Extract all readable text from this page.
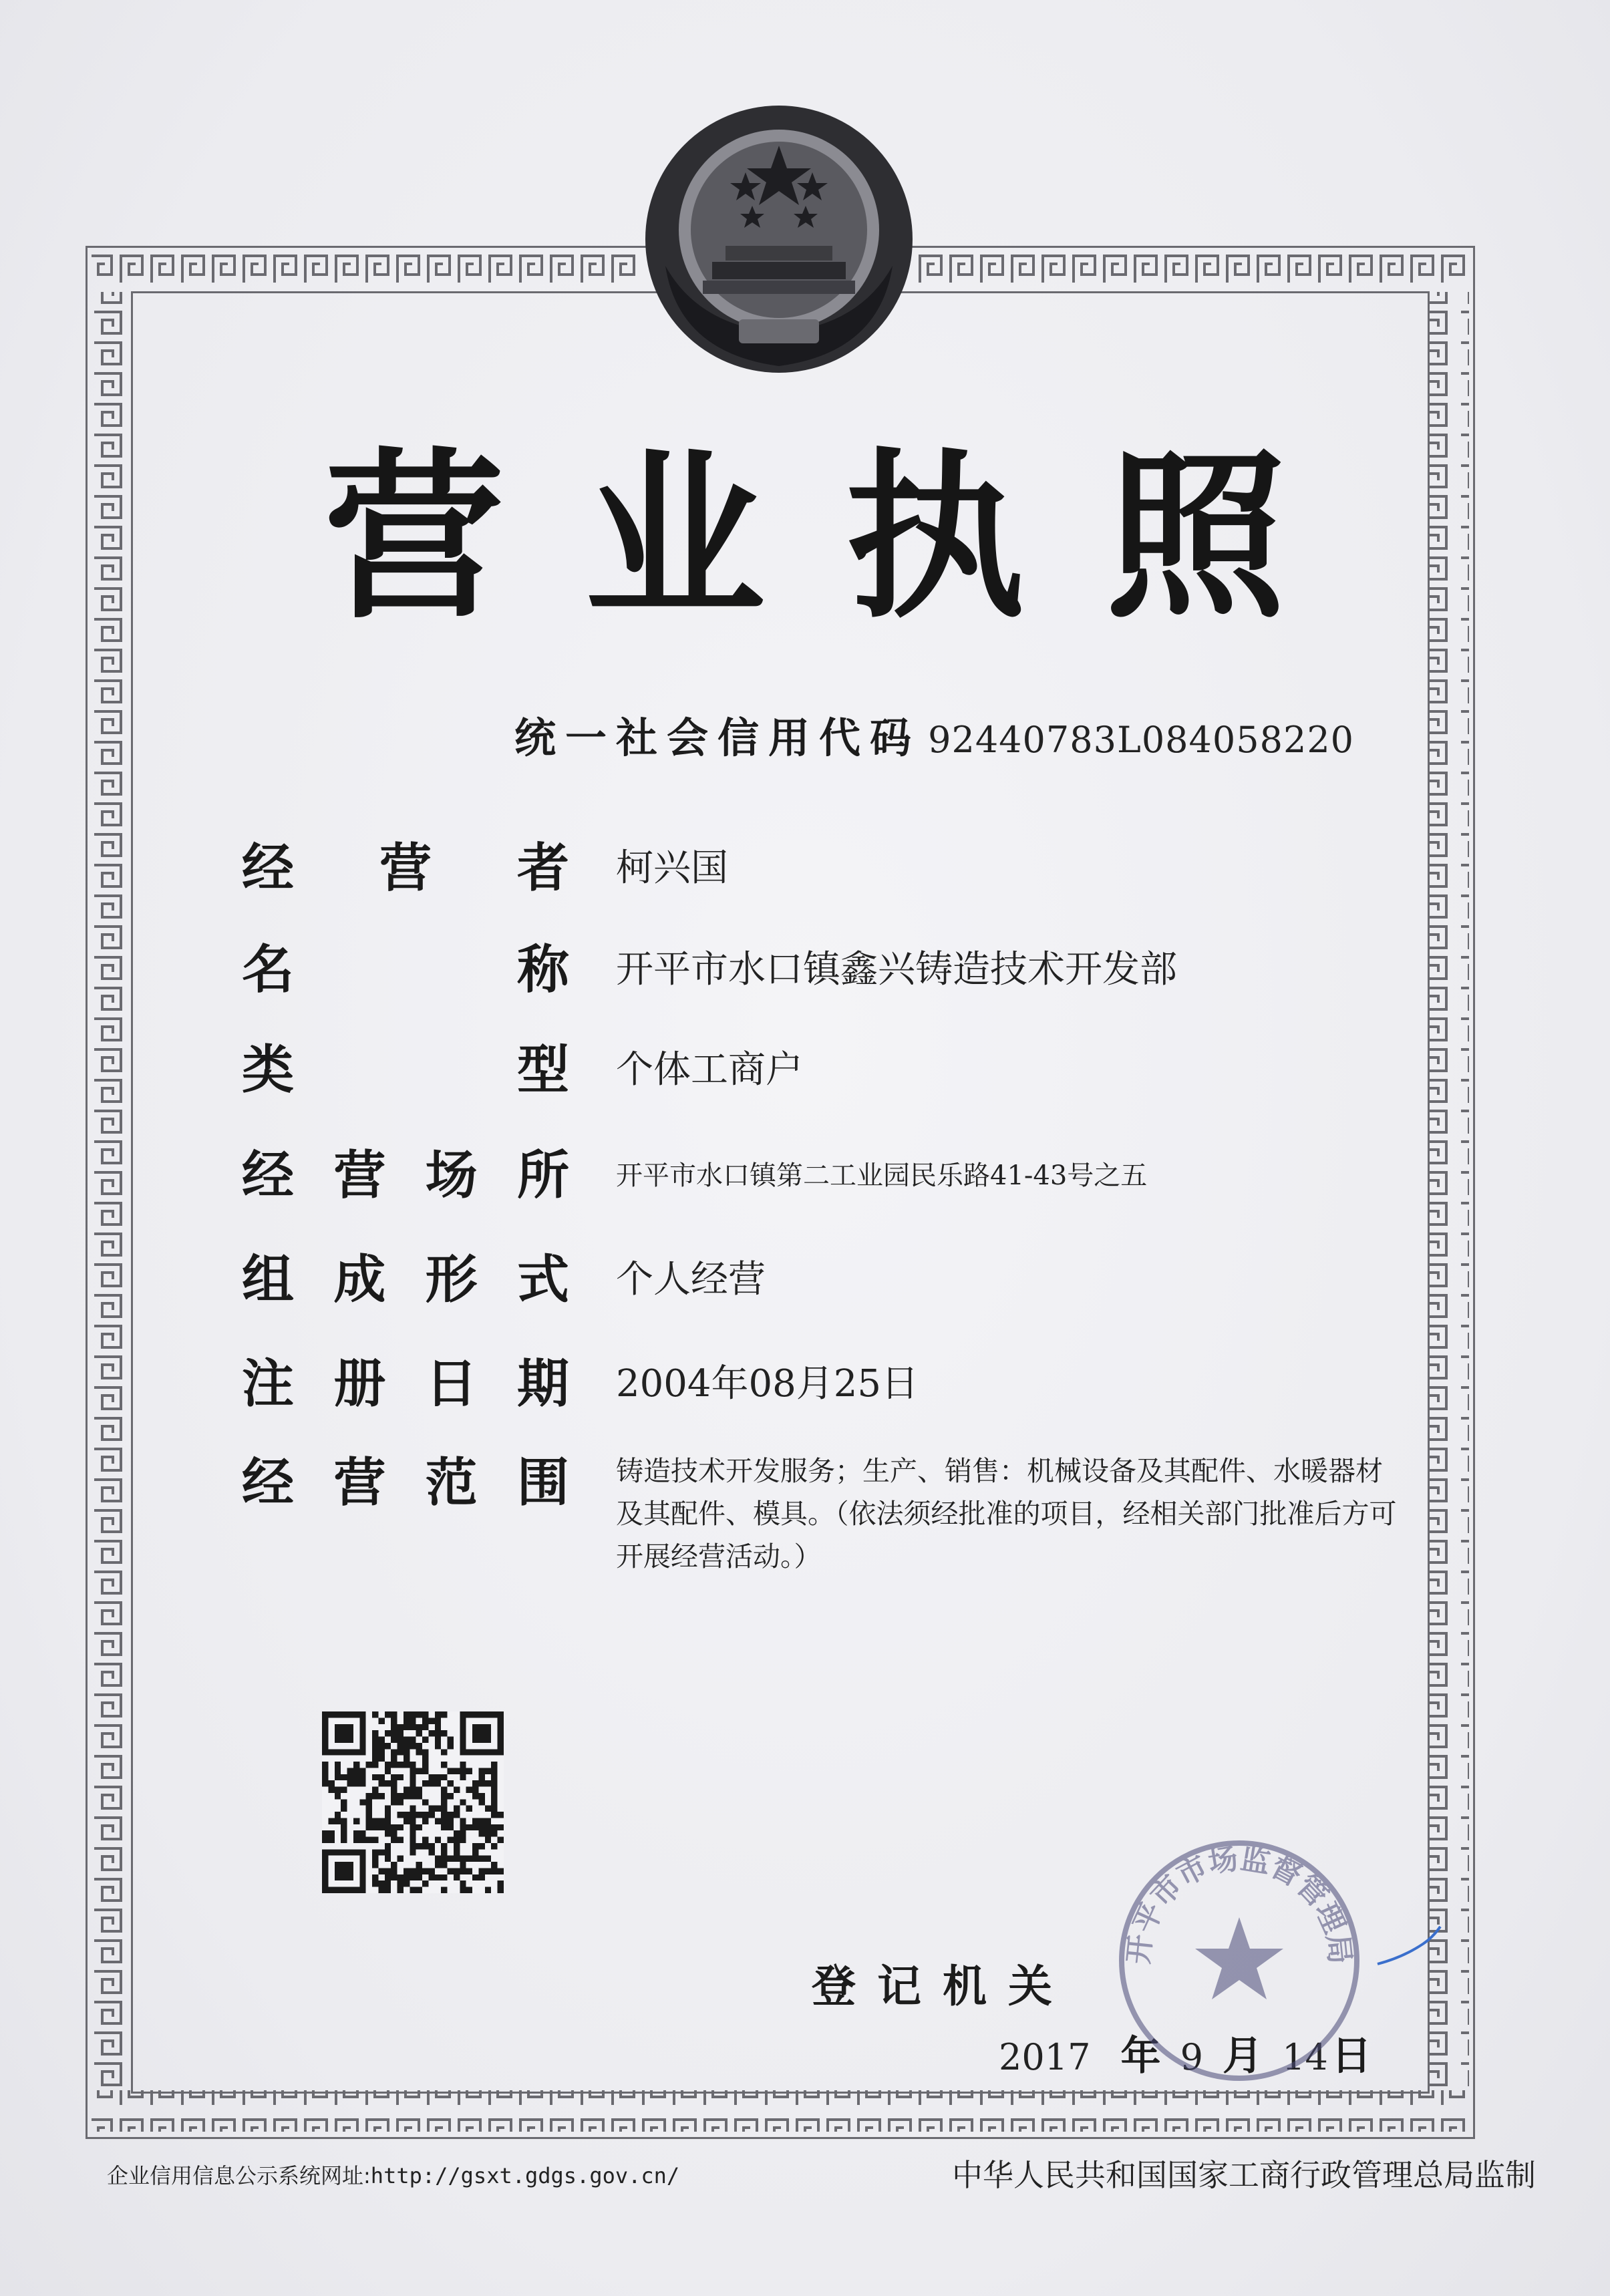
营业执照
统一社会信用代码 92440783L084058220
经 营 者 柯兴国
名	称 开平市水口镇鑫兴铸造技术开发部
类	型 个体工商户
经 营 场 所 开平市水口镇第二工业园民乐路41-43号之五
组 成 形 式 个人经营
注 册 日 期 2004年08月25日
经 营 范 围 铸造技术开发服务；生产、销售：机械设备及其配件、水暖器材及其配件、模具。（依法须经批准的项目，经相关部门批准后方可开展经营活动。）
登记机关
2017 年 9 月 14 日
开平市市场监督管理局
企业信用信息公示系统网址:http://gsxt.gdgs.gov.cn/	中华人民共和国国家工商行政管理总局监制
